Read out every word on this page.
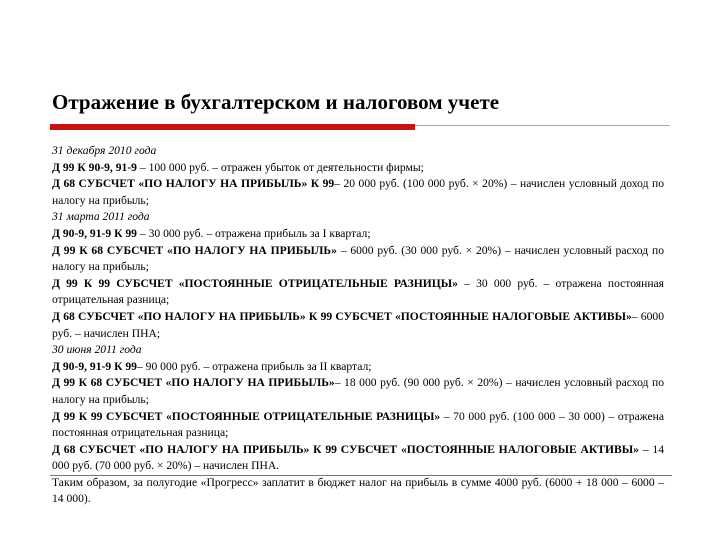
Отражение в бухгалтерском и налоговом учете

31 декабря 2010 года

Д 99 К 90-9, 91-9 – 100 000 руб. – отражен убыток от деятельности фирмы;

Д 68 СУБСЧЕТ «ПО НАЛОГУ НА ПРИБЫЛЬ» К 99– 20 000 руб. (100 000 руб. × 20%) – начислен условный доход по налогу на прибыль;

31 марта 2011 года

Д 90-9, 91-9 К 99 – 30 000 руб. – отражена прибыль за I квартал;

Д 99 К 68 СУБСЧЕТ «ПО НАЛОГУ НА ПРИБЫЛЬ» – 6000 руб. (30 000 руб. × 20%) – начислен условный расход по налогу на прибыль;

Д 99 К 99 СУБСЧЕТ «ПОСТОЯННЫЕ ОТРИЦАТЕЛЬНЫЕ РАЗНИЦЫ» – 30 000 руб. – отражена постоянная отрицательная разница;

Д 68 СУБСЧЕТ «ПО НАЛОГУ НА ПРИБЫЛЬ» К 99 СУБСЧЕТ «ПОСТОЯННЫЕ НАЛОГОВЫЕ АКТИВЫ»– 6000 руб. – начислен ПНА;

30 июня 2011 года

Д 90-9, 91-9 К 99– 90 000 руб. – отражена прибыль за II квартал;

Д 99 К 68 СУБСЧЕТ «ПО НАЛОГУ НА ПРИБЫЛЬ»– 18 000 руб. (90 000 руб. × 20%) – начислен условный расход по налогу на прибыль;

Д 99 К 99 СУБСЧЕТ «ПОСТОЯННЫЕ ОТРИЦАТЕЛЬНЫЕ РАЗНИЦЫ» – 70 000 руб. (100 000 – 30 000) – отражена постоянная отрицательная разница;

Д 68 СУБСЧЕТ «ПО НАЛОГУ НА ПРИБЫЛЬ» К 99 СУБСЧЕТ «ПОСТОЯННЫЕ НАЛОГОВЫЕ АКТИВЫ» – 14 000 руб. (70 000 руб. × 20%) – начислен ПНА.

Таким образом, за полугодие «Прогресс» заплатит в бюджет налог на прибыль в сумме 4000 руб. (6000 + 18 000 – 6000 – 14 000).
